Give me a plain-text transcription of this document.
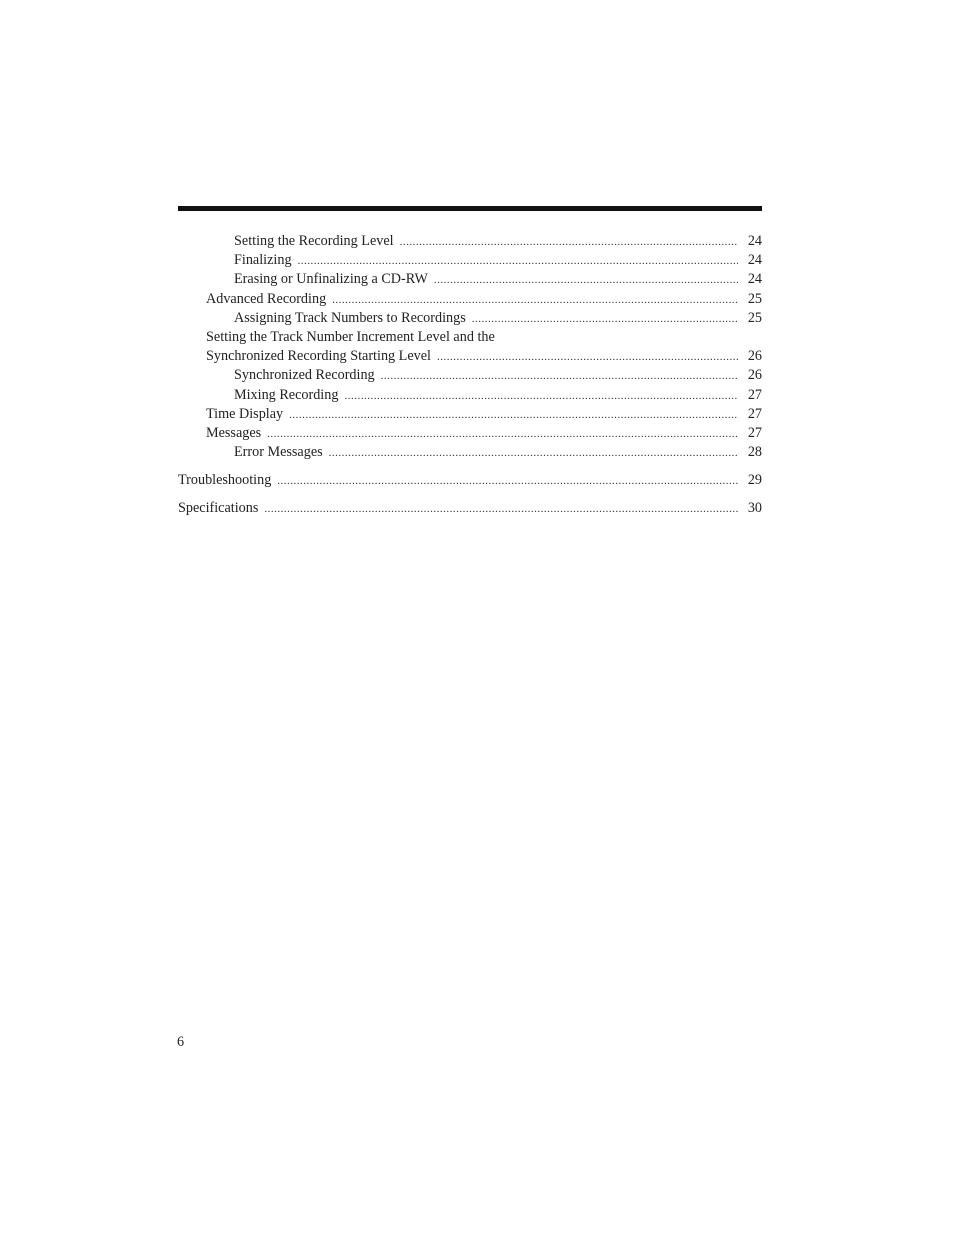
Setting the Recording Level .....	24
Finalizing .....	24
Erasing or Unfinalizing a CD-RW .....	24
Advanced Recording .....	25
Assigning Track Numbers to Recordings .....	25
Setting the Track Number Increment Level and the
Synchronized Recording Starting Level .....	26
Synchronized Recording .....	26
Mixing Recording .....	27
Time Display .....	27
Messages .....	27
Error Messages .....	28
Troubleshooting .....	29
Specifications .....	30
6
